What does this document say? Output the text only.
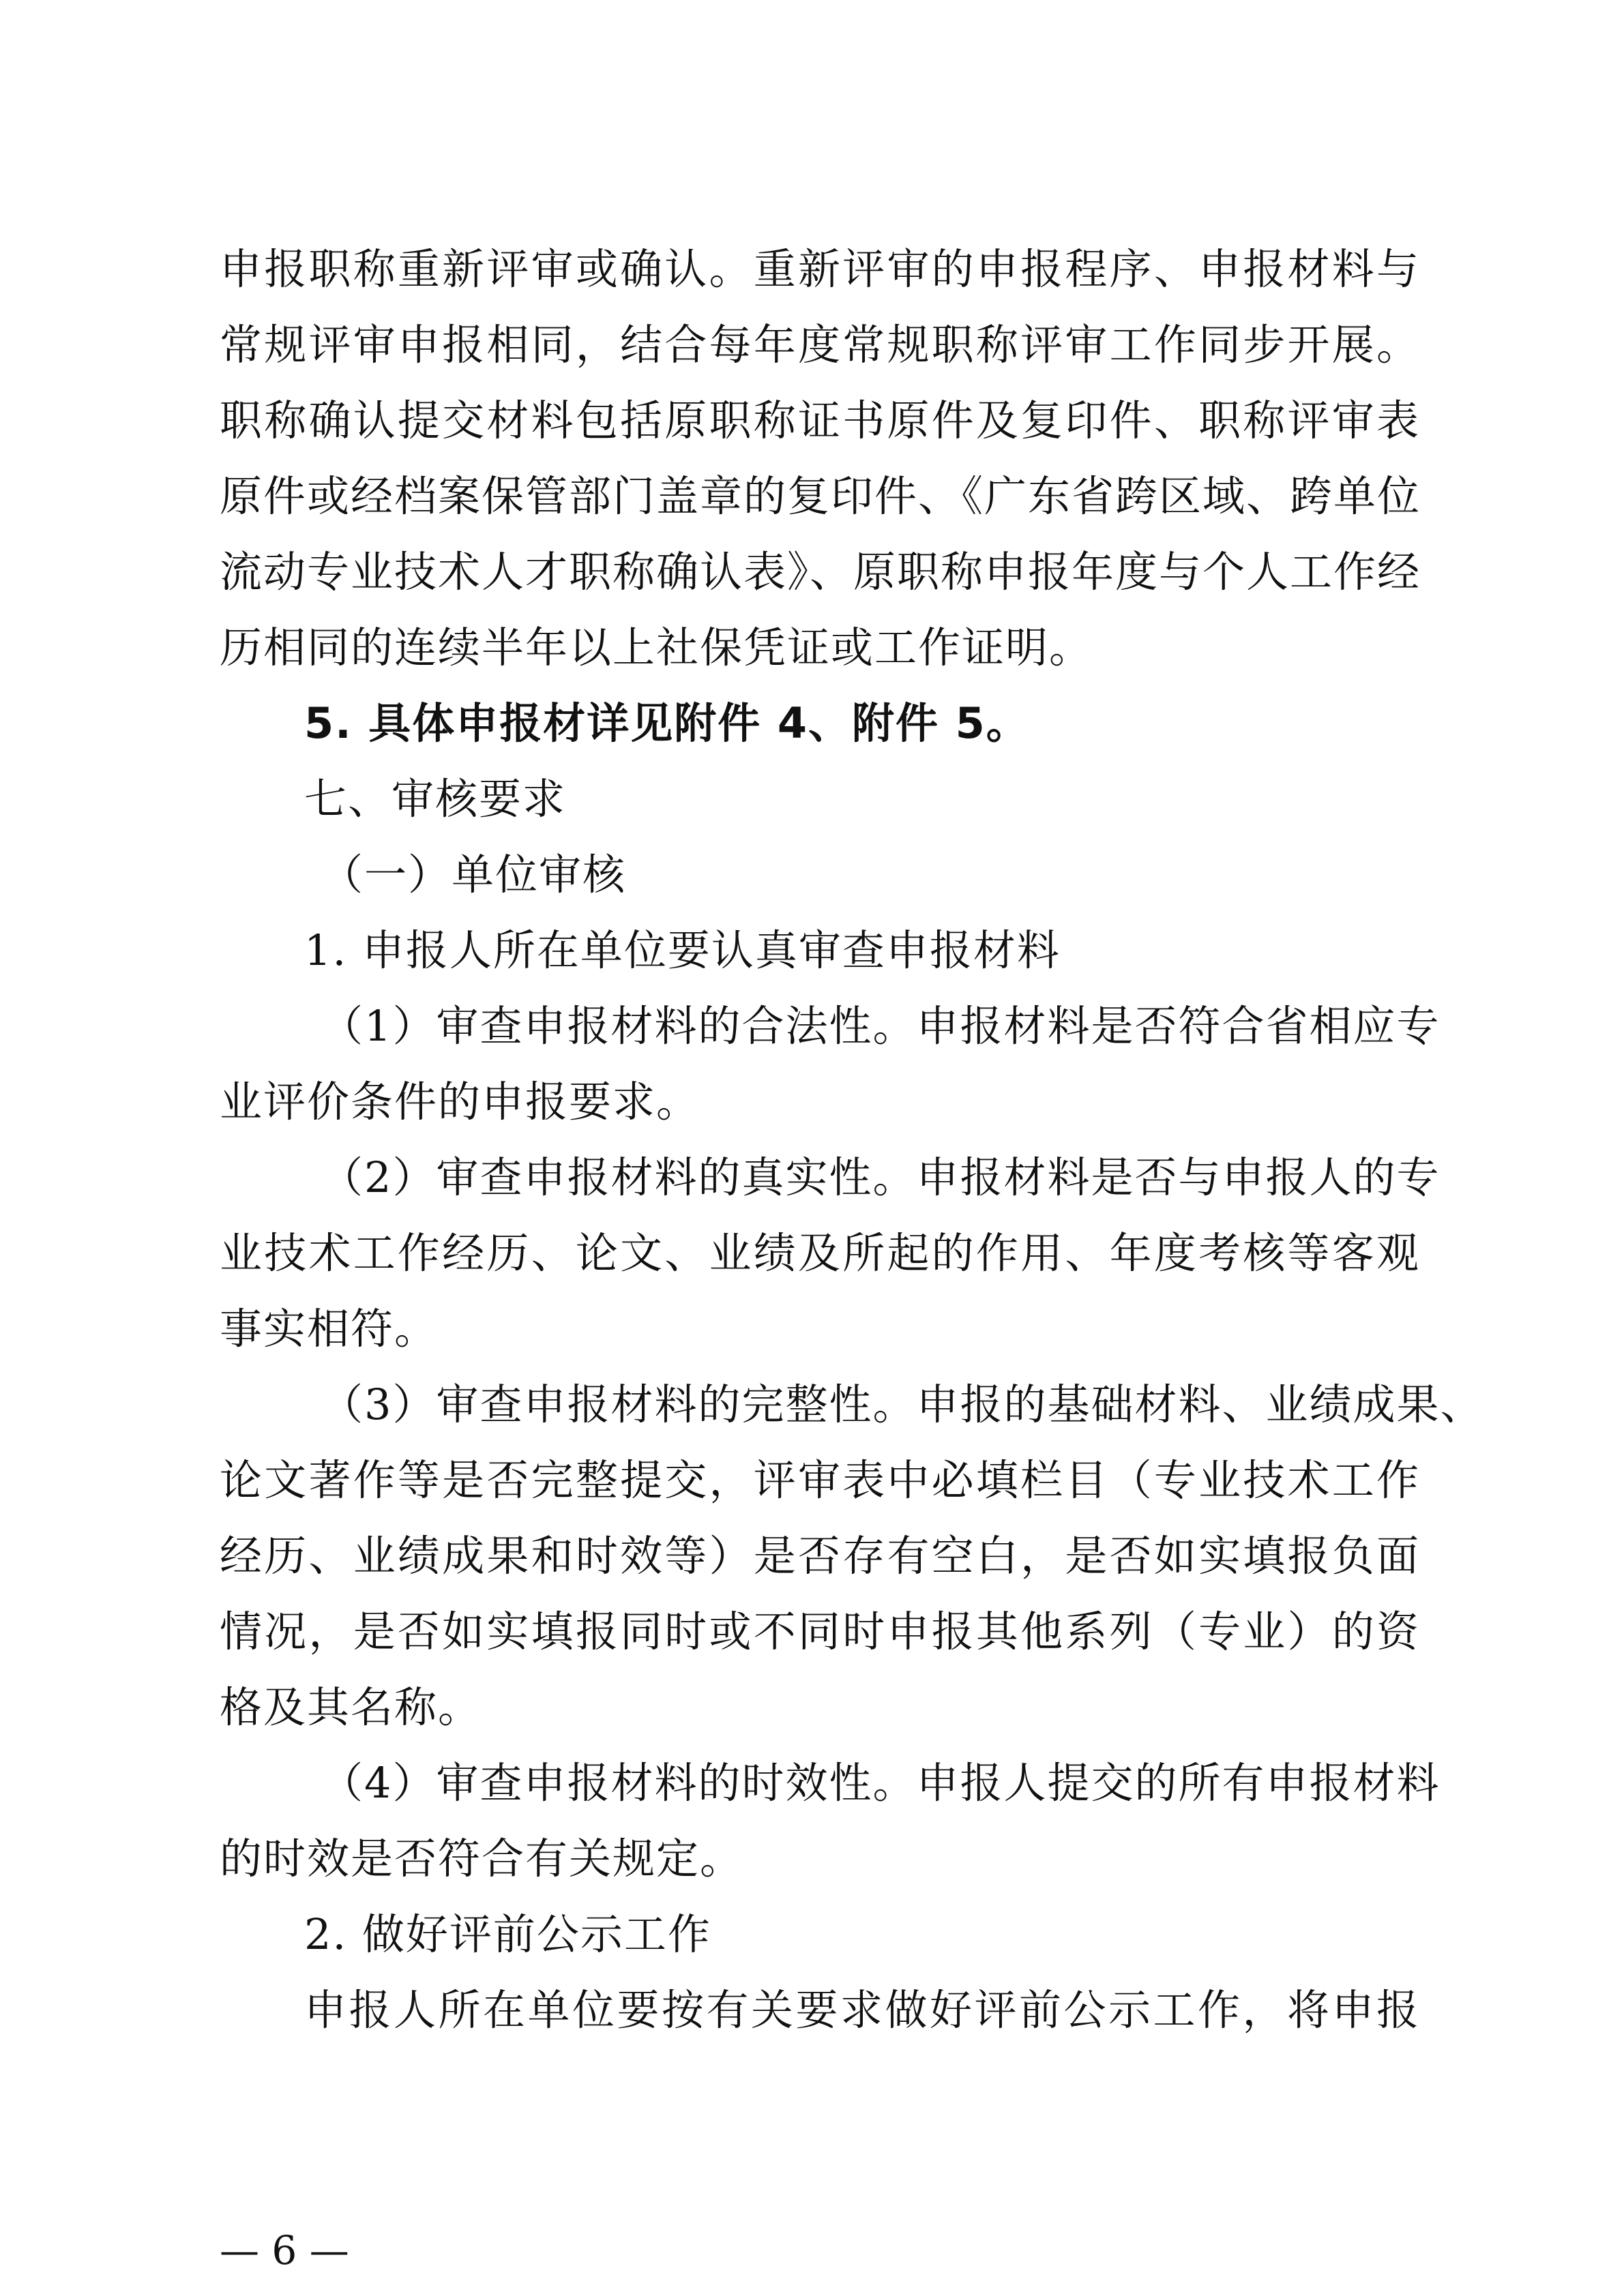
申报职称重新评审或确认。重新评审的申报程序、申报材料与
常规评审申报相同，结合每年度常规职称评审工作同步开展。
职称确认提交材料包括原职称证书原件及复印件、职称评审表
原件或经档案保管部门盖章的复印件、《广东省跨区域、跨单位
流动专业技术人才职称确认表》、原职称申报年度与个人工作经
历相同的连续半年以上社保凭证或工作证明。
5. 具体申报材详见附件 4、附件 5。
七、审核要求
（一）单位审核
1. 申报人所在单位要认真审查申报材料
（1）审查申报材料的合法性。申报材料是否符合省相应专
业评价条件的申报要求。
（2）审查申报材料的真实性。申报材料是否与申报人的专
业技术工作经历、论文、业绩及所起的作用、年度考核等客观
事实相符。
（3）审查申报材料的完整性。申报的基础材料、业绩成果、
论文著作等是否完整提交，评审表中必填栏目（专业技术工作
经历、业绩成果和时效等）是否存有空白，是否如实填报负面
情况，是否如实填报同时或不同时申报其他系列（专业）的资
格及其名称。
（4）审查申报材料的时效性。申报人提交的所有申报材料
的时效是否符合有关规定。
2. 做好评前公示工作
申报人所在单位要按有关要求做好评前公示工作，将申报
— 6 —
